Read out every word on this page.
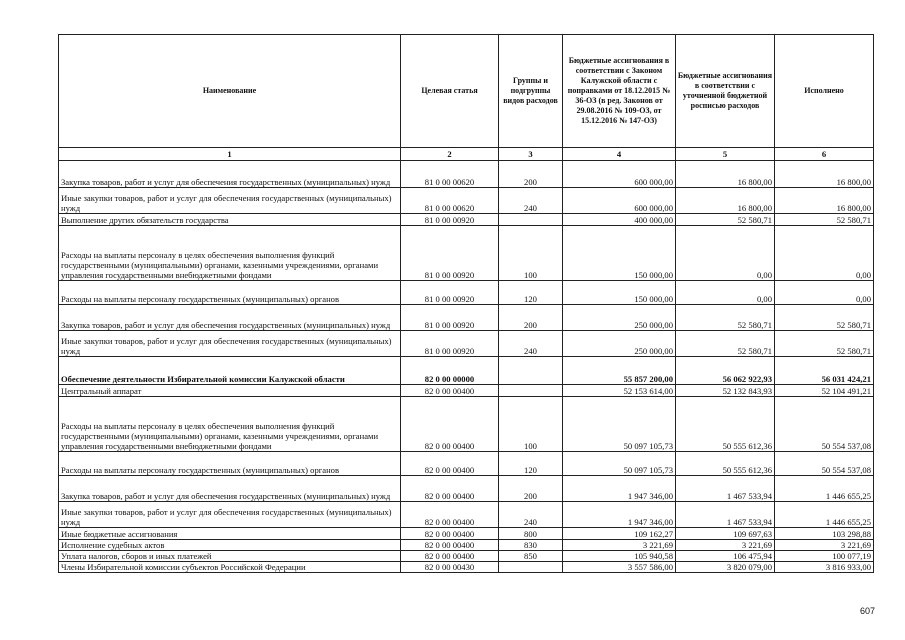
Наименование	Целевая статья	Группы и подгруппы видов расходов	Бюджетные ассигнования в соответствии с Законом Калужской области с поправками от 18.12.2015 № 36-ОЗ (в ред. Законов от 29.08.2016 № 109-ОЗ, от 15.12.2016 № 147-ОЗ)	Бюджетные ассигнования в соответствии с уточненной бюджетной росписью расходов	Исполнено
1	2	3	4	5	6
Закупка товаров, работ и услуг для обеспечения государственных (муниципальных) нужд	81 0 00 00620	200	600 000,00	16 800,00	16 800,00
Иные закупки товаров, работ и услуг для обеспечения государственных (муниципальных) нужд	81 0 00 00620	240	600 000,00	16 800,00	16 800,00
Выполнение других обязательств государства	81 0 00 00920		400 000,00	52 580,71	52 580,71
Расходы на выплаты персоналу в целях обеспечения выполнения функций государственными (муниципальными) органами, казенными учреждениями, органами управления государственными внебюджетными фондами	81 0 00 00920	100	150 000,00	0,00	0,00
Расходы на выплаты персоналу государственных (муниципальных) органов	81 0 00 00920	120	150 000,00	0,00	0,00
Закупка товаров, работ и услуг для обеспечения государственных (муниципальных) нужд	81 0 00 00920	200	250 000,00	52 580,71	52 580,71
Иные закупки товаров, работ и услуг для обеспечения государственных (муниципальных) нужд	81 0 00 00920	240	250 000,00	52 580,71	52 580,71
Обеспечение деятельности Избирательной комиссии Калужской области	82 0 00 00000		55 857 200,00	56 062 922,93	56 031 424,21
Центральный аппарат	82 0 00 00400		52 153 614,00	52 132 843,93	52 104 491,21
Расходы на выплаты персоналу в целях обеспечения выполнения функций государственными (муниципальными) органами, казенными учреждениями, органами управления государственными внебюджетными фондами	82 0 00 00400	100	50 097 105,73	50 555 612,36	50 554 537,08
Расходы на выплаты персоналу государственных (муниципальных) органов	82 0 00 00400	120	50 097 105,73	50 555 612,36	50 554 537,08
Закупка товаров, работ и услуг для обеспечения государственных (муниципальных) нужд	82 0 00 00400	200	1 947 346,00	1 467 533,94	1 446 655,25
Иные закупки товаров, работ и услуг для обеспечения государственных (муниципальных) нужд	82 0 00 00400	240	1 947 346,00	1 467 533,94	1 446 655,25
Иные бюджетные ассигнования	82 0 00 00400	800	109 162,27	109 697,63	103 298,88
Исполнение судебных актов	82 0 00 00400	830	3 221,69	3 221,69	3 221,69
Уплата налогов, сборов и иных платежей	82 0 00 00400	850	105 940,58	106 475,94	100 077,19
Члены Избирательной комиссии субъектов Российской Федерации	82 0 00 00430		3 557 586,00	3 820 079,00	3 816 933,00
607
